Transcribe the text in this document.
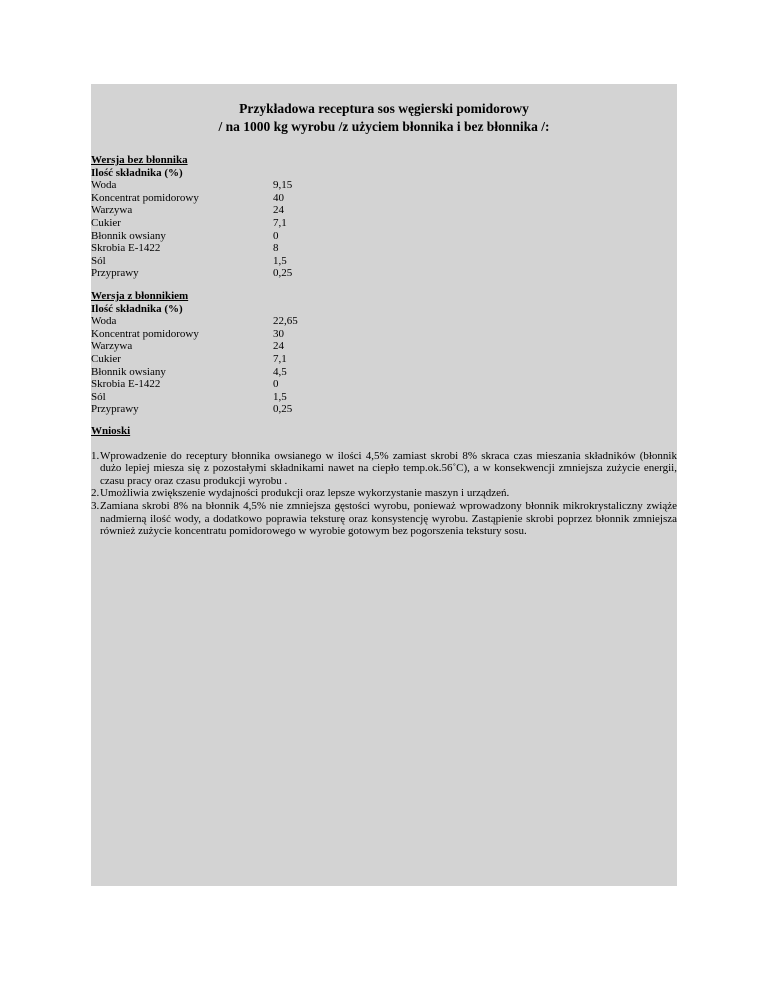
Przykładowa receptura sos węgierski pomidorowy
/ na 1000 kg wyrobu /z użyciem błonnika i bez błonnika /:
Wersja bez błonnika
Ilość składnika (%)
Woda	9,15
Koncentrat pomidorowy	40
Warzywa	24
Cukier	7,1
Błonnik owsiany	0
Skrobia E-1422	8
Sól	1,5
Przyprawy	0,25
Wersja z błonnikiem
Ilość składnika (%)
Woda	22,65
Koncentrat pomidorowy	30
Warzywa	24
Cukier	7,1
Błonnik owsiany	4,5
Skrobia E-1422	0
Sól	1,5
Przyprawy	0,25
Wnioski
1. Wprowadzenie do receptury błonnika owsianego w ilości 4,5% zamiast skrobi 8% skraca czas mieszania składników (błonnik dużo lepiej miesza się z pozostałymi składnikami nawet na ciepło temp.ok.56˚C), a w konsekwencji zmniejsza zużycie energii, czasu pracy oraz czasu produkcji wyrobu .
2. Umożliwia zwiększenie wydajności produkcji oraz lepsze wykorzystanie maszyn i urządzeń.
3. Zamiana skrobi 8% na błonnik 4,5% nie zmniejsza gęstości wyrobu, ponieważ wprowadzony błonnik mikrokrystaliczny zwiąże nadmierną ilość wody, a dodatkowo poprawia teksturę oraz konsystencję wyrobu. Zastąpienie skrobi poprzez błonnik zmniejsza również zużycie koncentratu pomidorowego w wyrobie gotowym bez pogorszenia tekstury sosu.
